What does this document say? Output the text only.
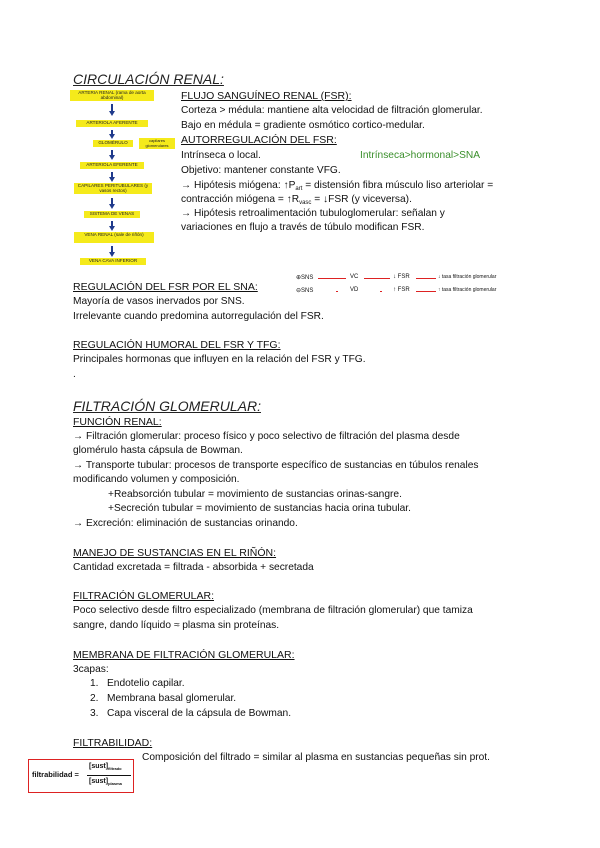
CIRCULACIÓN RENAL:
ARTERIA RENAL (rama de aorta abdominal)
ARTERIOLA AFERENTE
GLOMÉRULO	capilares glomerulares
ARTERIOLA EFERENTE
CAPILARES PERITUBULARES (y vasos rectos)
SISTEMA DE VENAS
VENA RENAL (sale de riñón)
VENA CAVA INFERIOR
FLUJO SANGUÍNEO RENAL (FSR):
Corteza > médula: mantiene alta velocidad de filtración glomerular.
Bajo en médula = gradiente osmótico cortico-medular.
AUTORREGULACIÓN DEL FSR:
Intrínseca o local.	Intrínseca>hormonal>SNA
Objetivo: mantener constante VFG.
→ Hipótesis miógena: $↑P_{art}$ = distensión fibra músculo liso arteriolar =
contracción miógena = $↑R_{vasc}$ = ↓FSR (y viceversa).
→ Hipótesis retroalimentación tubuloglomerular: señalan y
variaciones en flujo a través de túbulo modifican FSR.
⊕SNS	VC	↓ FSR	↓ tasa filtración glomerular
⊖SNS	VD	↑ FSR	↑ tasa filtración glomerular
REGULACIÓN DEL FSR POR EL SNA:
Mayoría de vasos inervados por SNS.
Irrelevante cuando predomina autorregulación del FSR.
REGULACIÓN HUMORAL DEL FSR Y TFG:
Principales hormonas que influyen en la relación del FSR y TFG.
.
FILTRACIÓN GLOMERULAR:
FUNCIÓN RENAL:
→ Filtración glomerular: proceso físico y poco selectivo de filtración del plasma desde
glomérulo hasta cápsula de Bowman.
→ Transporte tubular: procesos de transporte específico de sustancias en túbulos renales
modificando volumen y composición.
+Reabsorción tubular = movimiento de sustancias orinas-sangre.
+Secreción tubular = movimiento de sustancias hacia orina tubular.
→ Excreción: eliminación de sustancias orinando.
MANEJO DE SUSTANCIAS EN EL RIÑÓN:
Cantidad excretada = filtrada - absorbida + secretada
FILTRACIÓN GLOMERULAR:
Poco selectivo desde filtro especializado (membrana de filtración glomerular) que tamiza
sangre, dando líquido ≈ plasma sin proteínas.
MEMBRANA DE FILTRACIÓN GLOMERULAR:
3capas:
1.   Endotelio capilar.
2.   Membrana basal glomerular.
3.   Capa visceral de la cápsula de Bowman.
FILTRABILIDAD:
Composición del filtrado = similar al plasma en sustancias pequeñas sin prot.
filtrabilidad =
$[sust]_{filtrado}$
$[sust]_{plasma}$
